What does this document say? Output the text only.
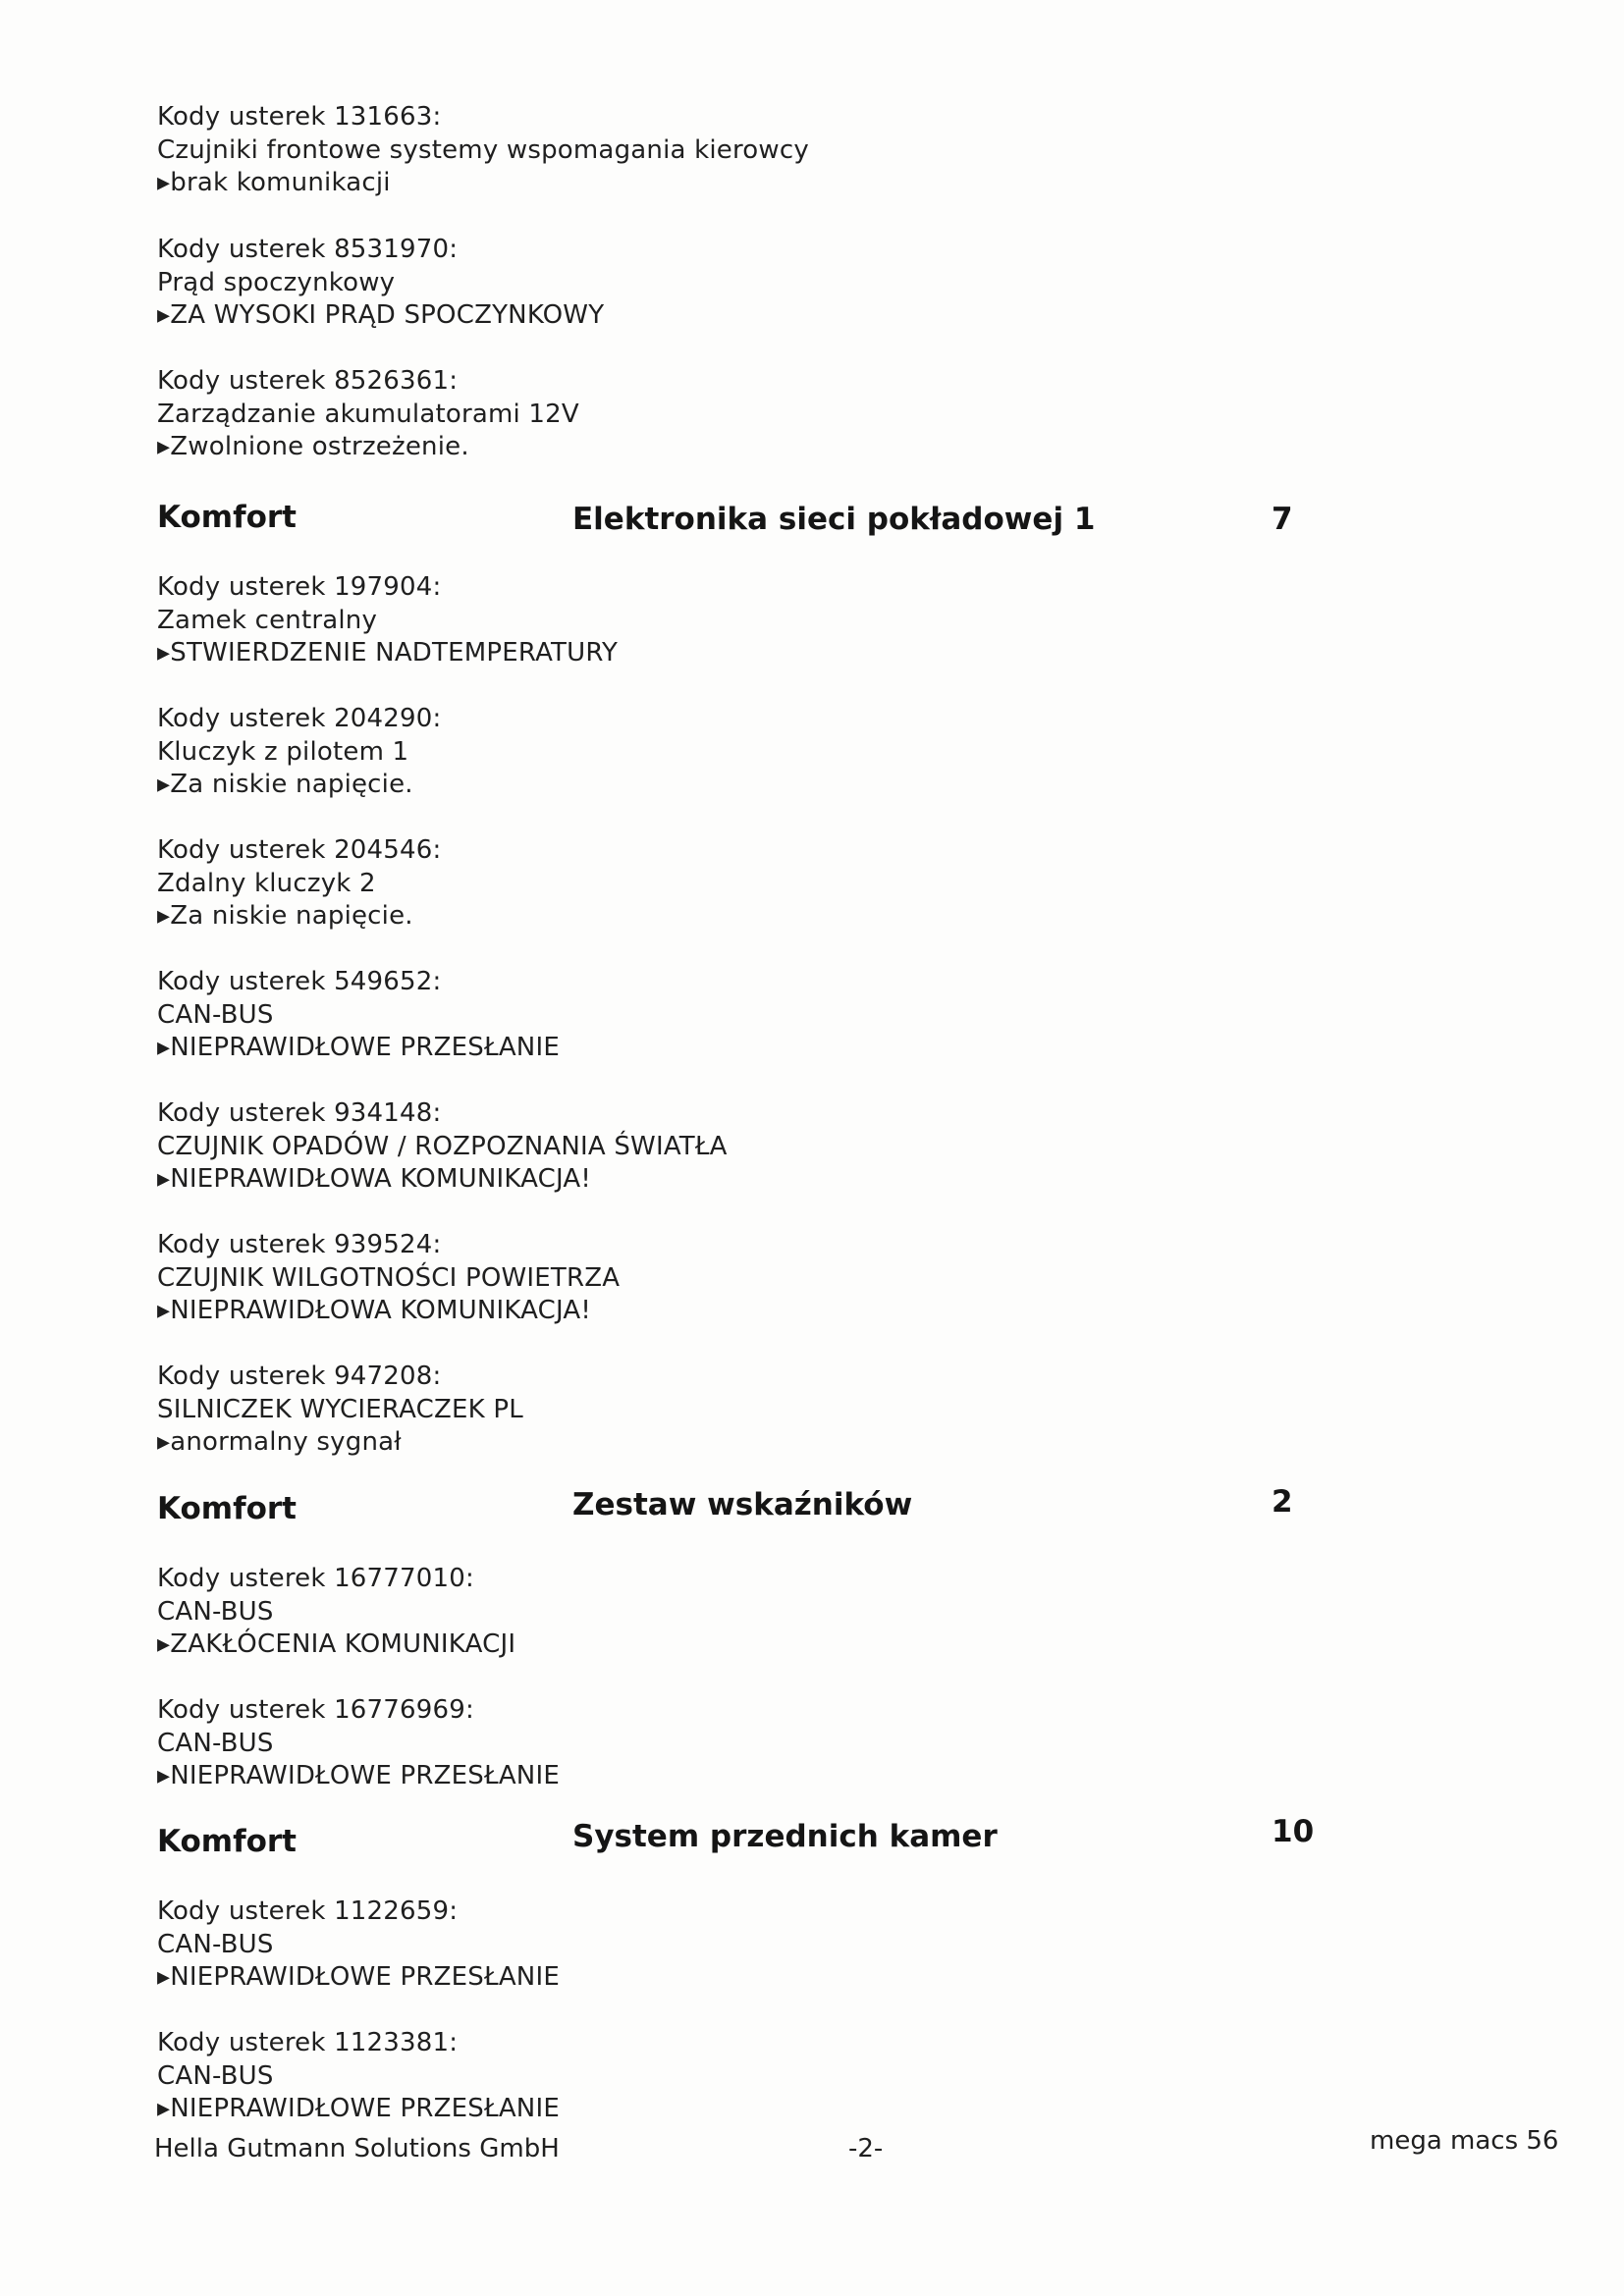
Kody usterek 131663:
Czujniki frontowe systemy wspomagania kierowcy
▸brak komunikacji
Kody usterek 8531970:
Prąd spoczynkowy
▸ZA WYSOKI PRĄD SPOCZYNKOWY
Kody usterek 8526361:
Zarządzanie akumulatorami 12V
▸Zwolnione ostrzeżenie.
Komfort	Elektronika sieci pokładowej 1	7
Kody usterek 197904:
Zamek centralny
▸STWIERDZENIE NADTEMPERATURY
Kody usterek 204290:
Kluczyk z pilotem 1
▸Za niskie napięcie.
Kody usterek 204546:
Zdalny kluczyk 2
▸Za niskie napięcie.
Kody usterek 549652:
CAN-BUS
▸NIEPRAWIDŁOWE PRZESŁANIE
Kody usterek 934148:
CZUJNIK OPADÓW / ROZPOZNANIA ŚWIATŁA
▸NIEPRAWIDŁOWA KOMUNIKACJA!
Kody usterek 939524:
CZUJNIK WILGOTNOŚCI POWIETRZA
▸NIEPRAWIDŁOWA KOMUNIKACJA!
Kody usterek 947208:
SILNICZEK WYCIERACZEK PL
▸anormalny sygnał
Komfort	Zestaw wskaźników	2
Kody usterek 16777010:
CAN-BUS
▸ZAKŁÓCENIA KOMUNIKACJI
Kody usterek 16776969:
CAN-BUS
▸NIEPRAWIDŁOWE PRZESŁANIE
Komfort	System przednich kamer	10
Kody usterek 1122659:
CAN-BUS
▸NIEPRAWIDŁOWE PRZESŁANIE
Kody usterek 1123381:
CAN-BUS
▸NIEPRAWIDŁOWE PRZESŁANIE
Hella Gutmann Solutions GmbH	-2-	mega macs 56
